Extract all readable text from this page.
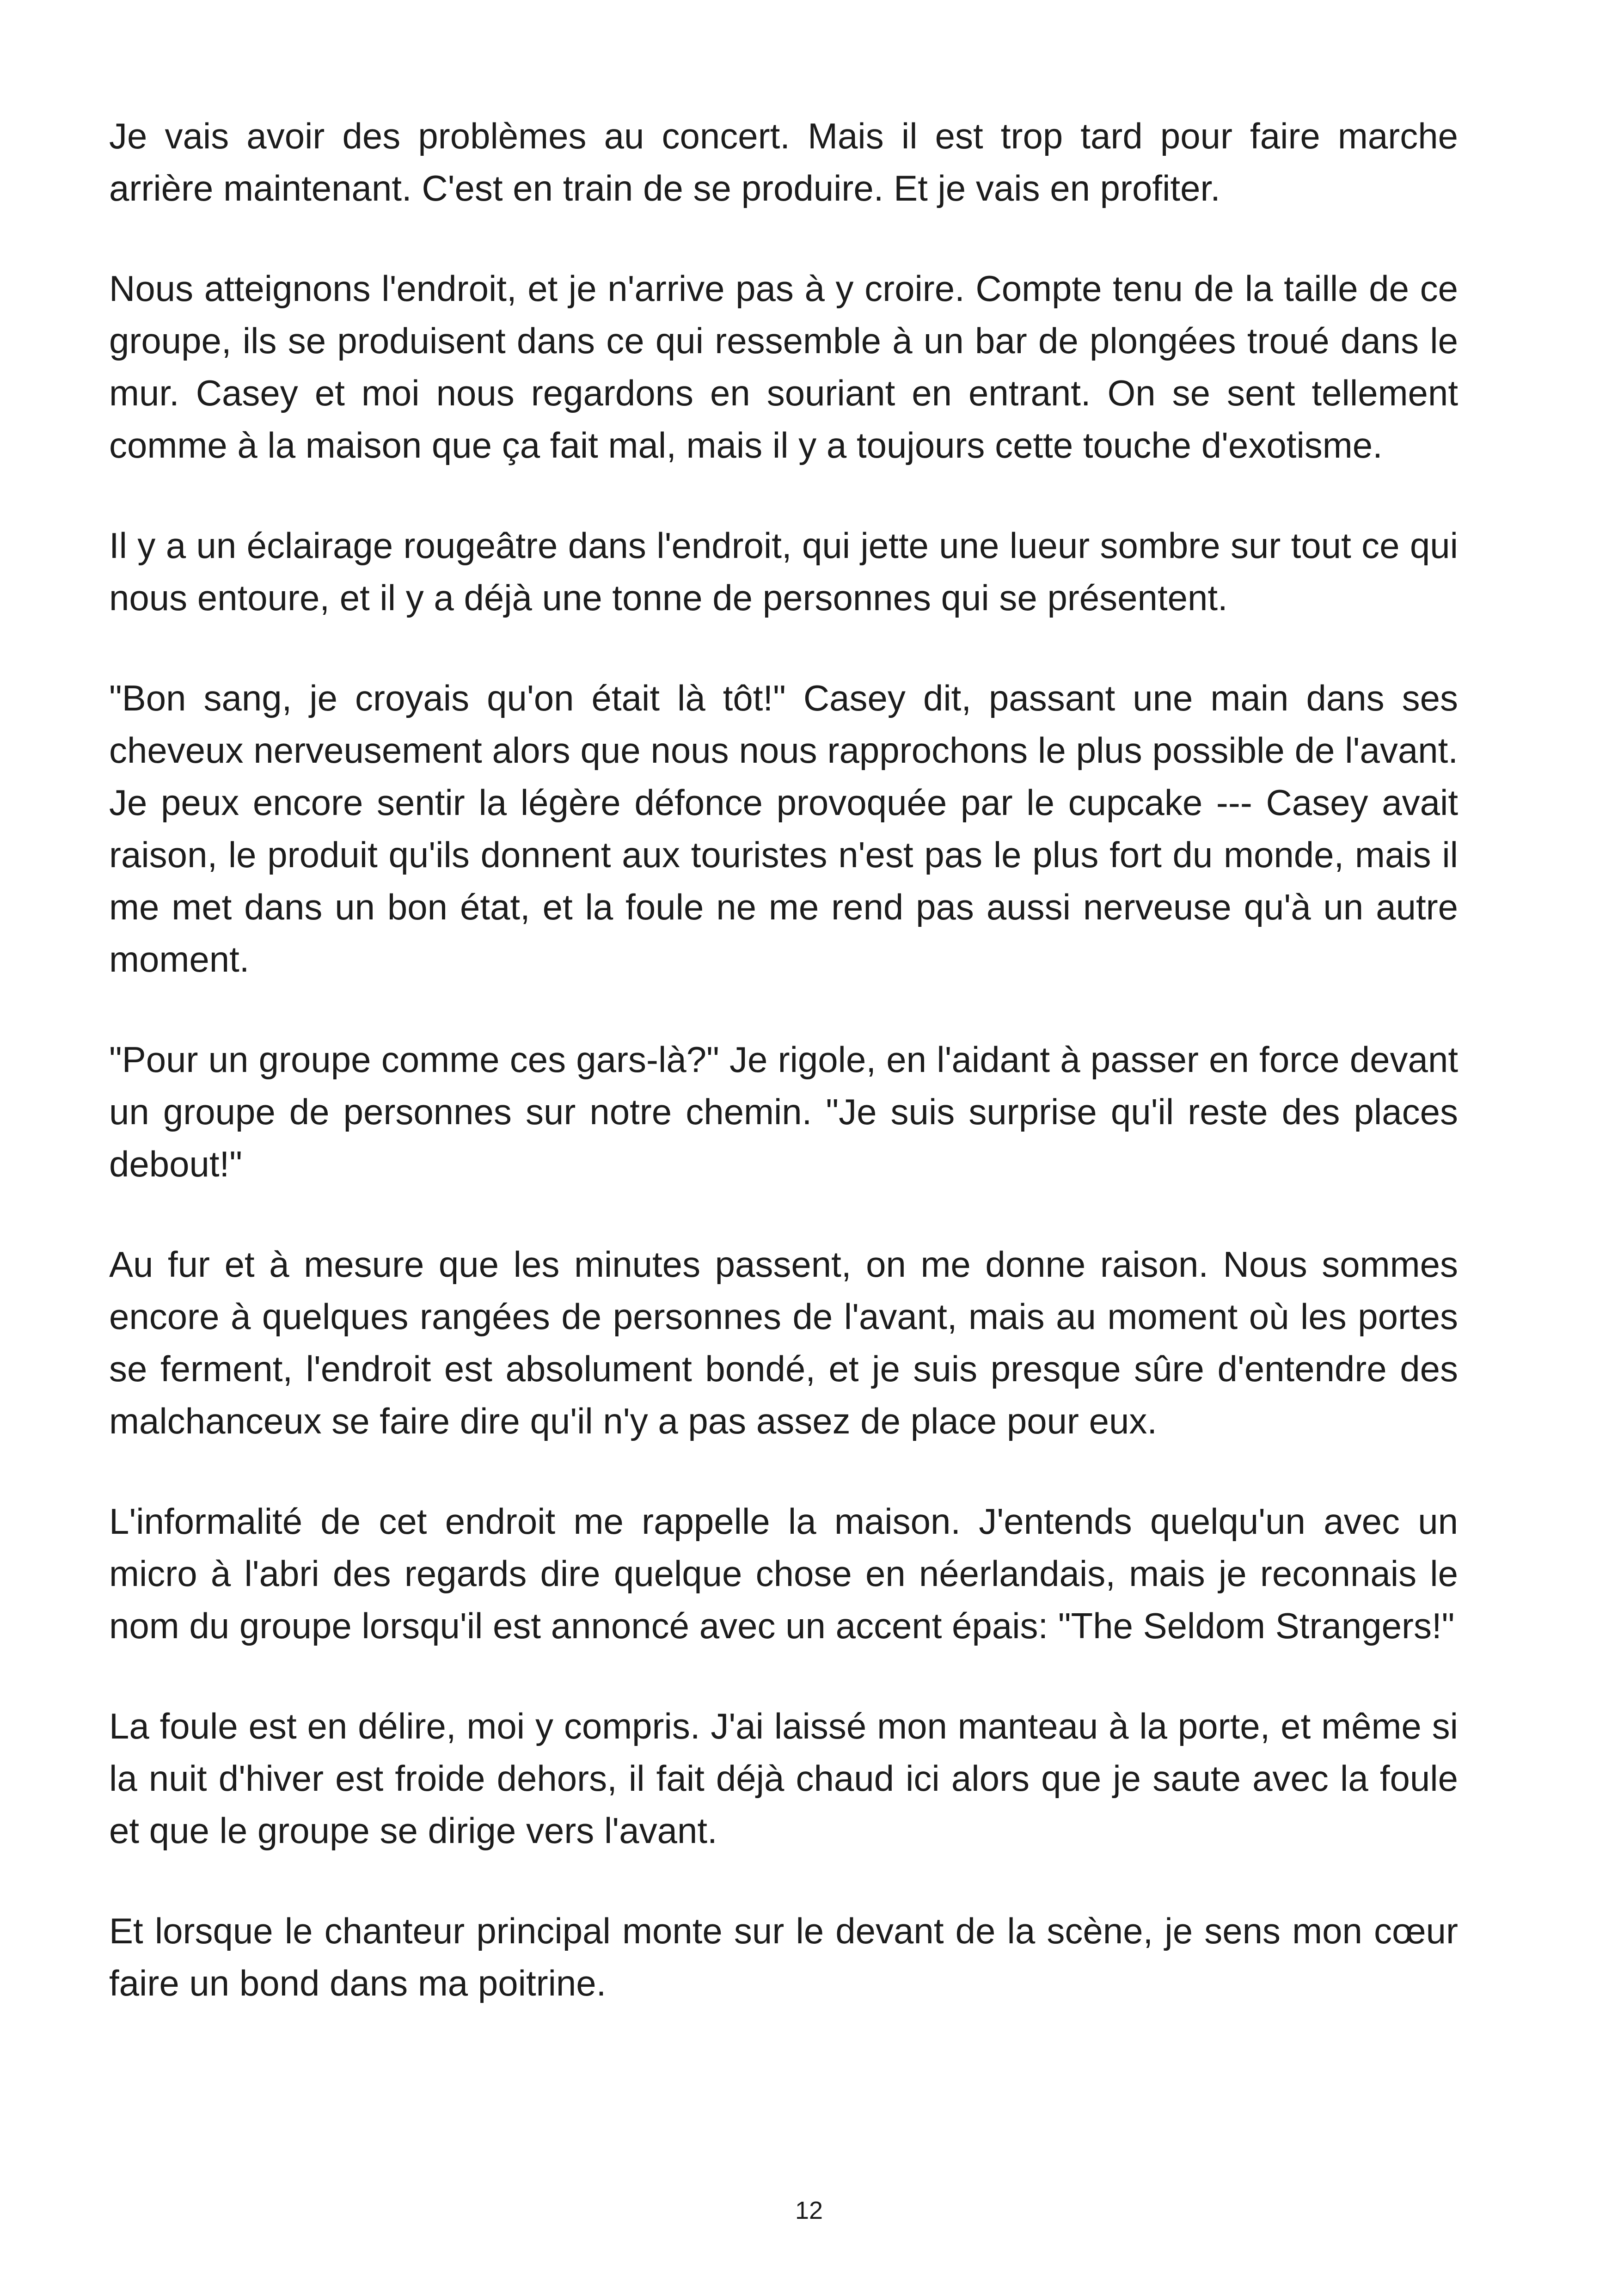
Je vais avoir des problèmes au concert. Mais il est trop tard pour faire marche arrière maintenant. C'est en train de se produire. Et je vais en profiter.

Nous atteignons l'endroit, et je n'arrive pas à y croire. Compte tenu de la taille de ce groupe, ils se produisent dans ce qui ressemble à un bar de plongées troué dans le mur. Casey et moi nous regardons en souriant en entrant. On se sent tellement comme à la maison que ça fait mal, mais il y a toujours cette touche d'exotisme.

Il y a un éclairage rougeâtre dans l'endroit, qui jette une lueur sombre sur tout ce qui nous entoure, et il y a déjà une tonne de personnes qui se présentent.

"Bon sang, je croyais qu'on était là tôt!" Casey dit, passant une main dans ses cheveux nerveusement alors que nous nous rapprochons le plus possible de l'avant. Je peux encore sentir la légère défonce provoquée par le cupcake --- Casey avait raison, le produit qu'ils donnent aux touristes n'est pas le plus fort du monde, mais il me met dans un bon état, et la foule ne me rend pas aussi nerveuse qu'à un autre moment.

"Pour un groupe comme ces gars-là?" Je rigole, en l'aidant à passer en force devant un groupe de personnes sur notre chemin. "Je suis surprise qu'il reste des places debout!"

Au fur et à mesure que les minutes passent, on me donne raison. Nous sommes encore à quelques rangées de personnes de l'avant, mais au moment où les portes se ferment, l'endroit est absolument bondé, et je suis presque sûre d'entendre des malchanceux se faire dire qu'il n'y a pas assez de place pour eux.

L'informalité de cet endroit me rappelle la maison. J'entends quelqu'un avec un micro à l'abri des regards dire quelque chose en néerlandais, mais je reconnais le nom du groupe lorsqu'il est annoncé avec un accent épais: "The Seldom Strangers!"

La foule est en délire, moi y compris. J'ai laissé mon manteau à la porte, et même si la nuit d'hiver est froide dehors, il fait déjà chaud ici alors que je saute avec la foule et que le groupe se dirige vers l'avant.

Et lorsque le chanteur principal monte sur le devant de la scène, je sens mon cœur faire un bond dans ma poitrine.

12
